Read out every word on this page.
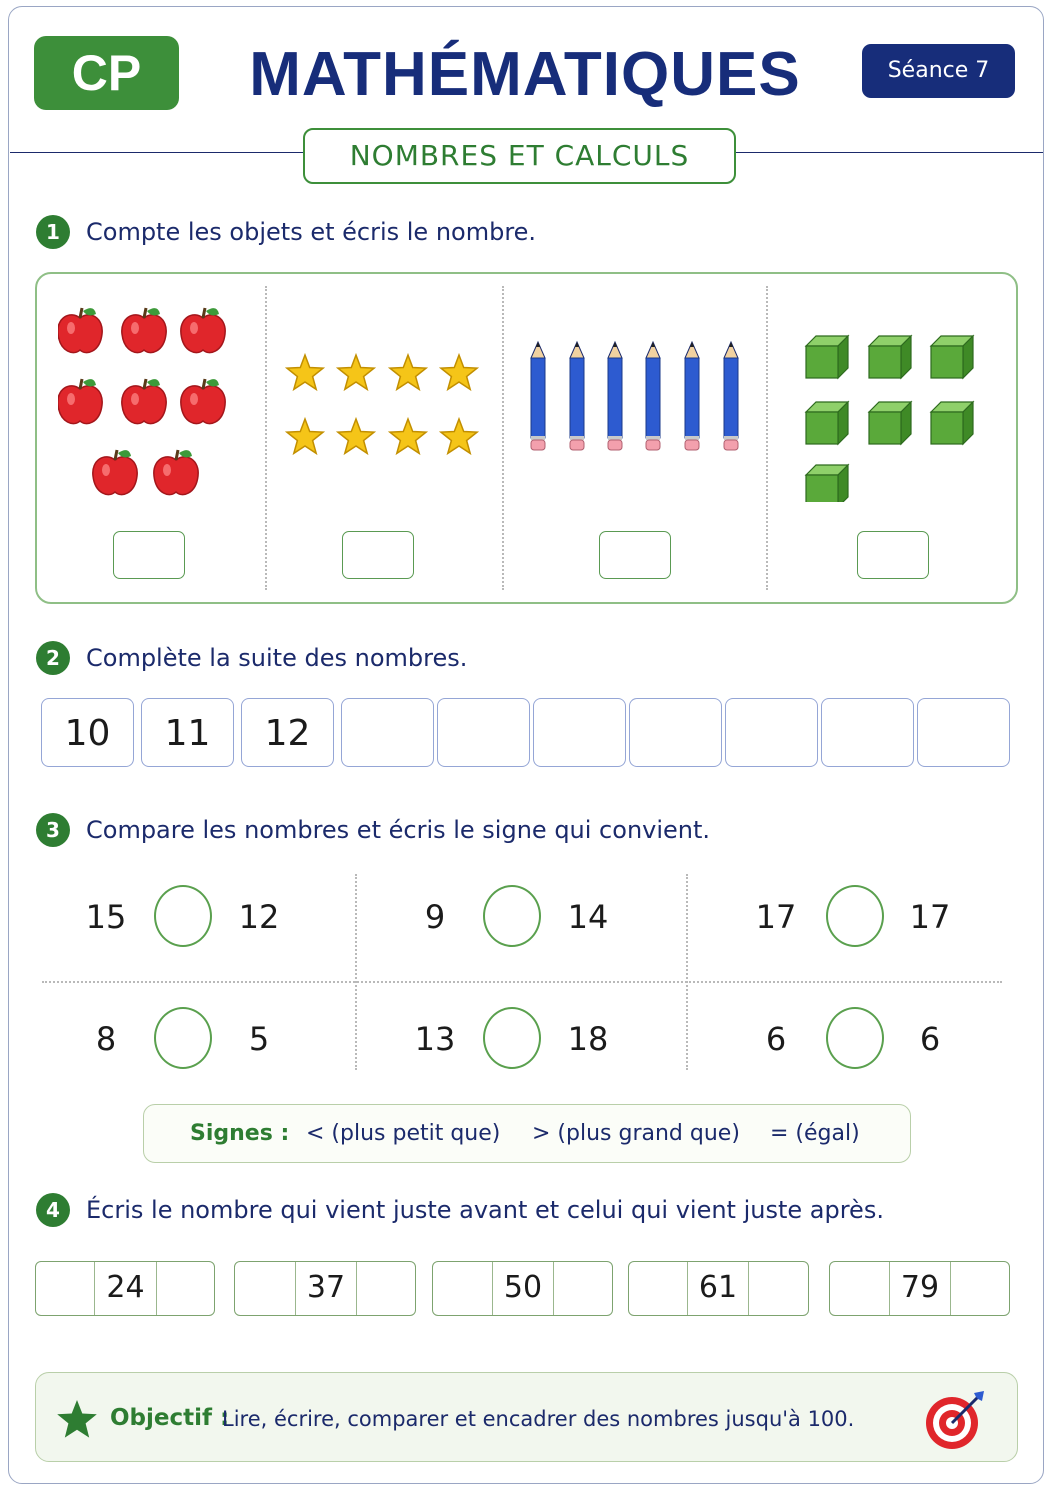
CP	MATHÉMATIQUES	Séance 7
NOMBRES ET CALCULS
1	Compte les objets et écris le nombre.
2	Complète la suite des nombres.
10	11	12
3	Compare les nombres et écris le signe qui convient.
15	12	9	14	17	17
8	5	13	18	6	6
Signes : < (plus petit que) > (plus grand que) = (égal)
4	Écris le nombre qui vient juste avant et celui qui vient juste après.
24	37	50	61	79
Objectif :
Lire, écrire, comparer et encadrer des nombres jusqu'à 100.
